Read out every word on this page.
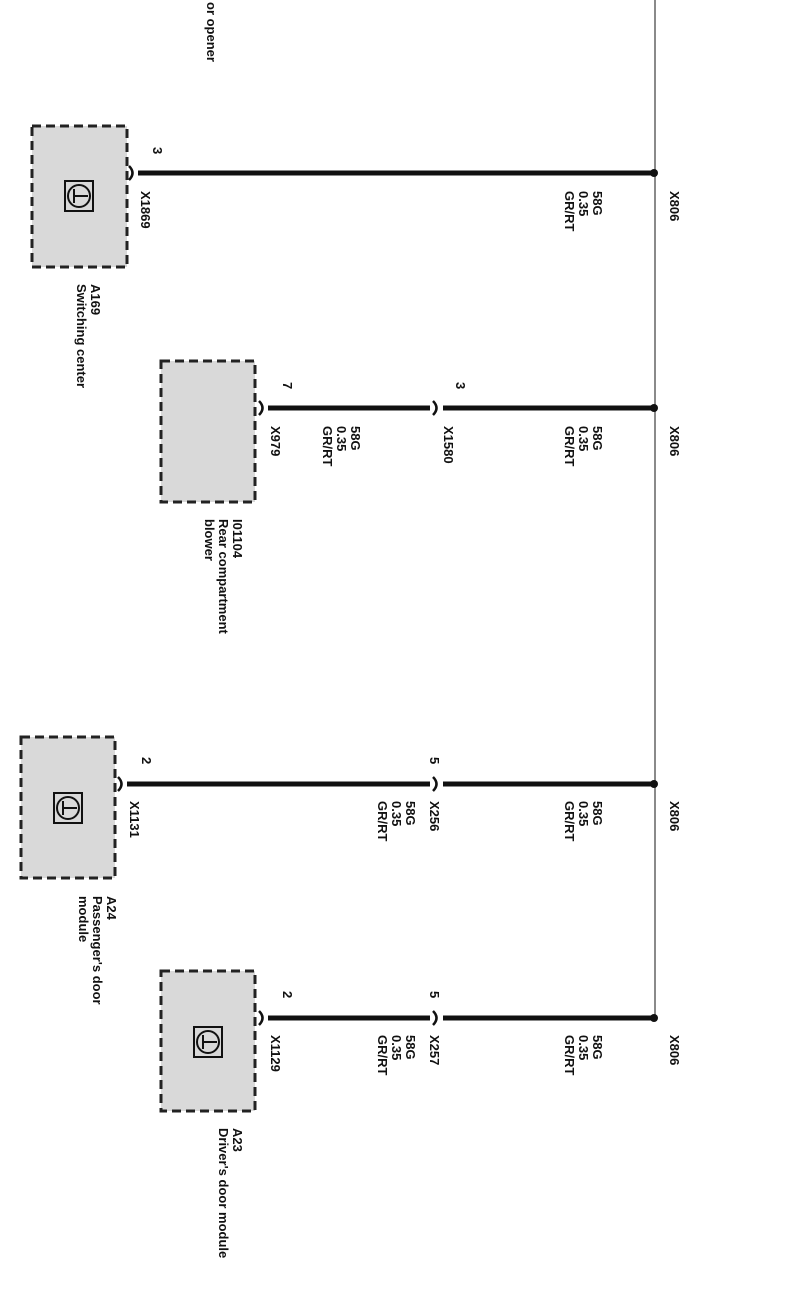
or opener
3
X1869	58G
0.35
GR/RT	X806
A169
Switching center	7
X979
3
X1580
58G
0.35
GR/RT	58G
0.35
GR/RT	X806
I01104
Rear compartment
blower
2
X1131
5
X256
58G
0.35
GR/RT	58G
0.35
GR/RT	X806
A24
Passenger's door
module
2
X1129
5
X257
58G
0.35
GR/RT	58G
0.35
GR/RT	X806
A23
Driver's door module
